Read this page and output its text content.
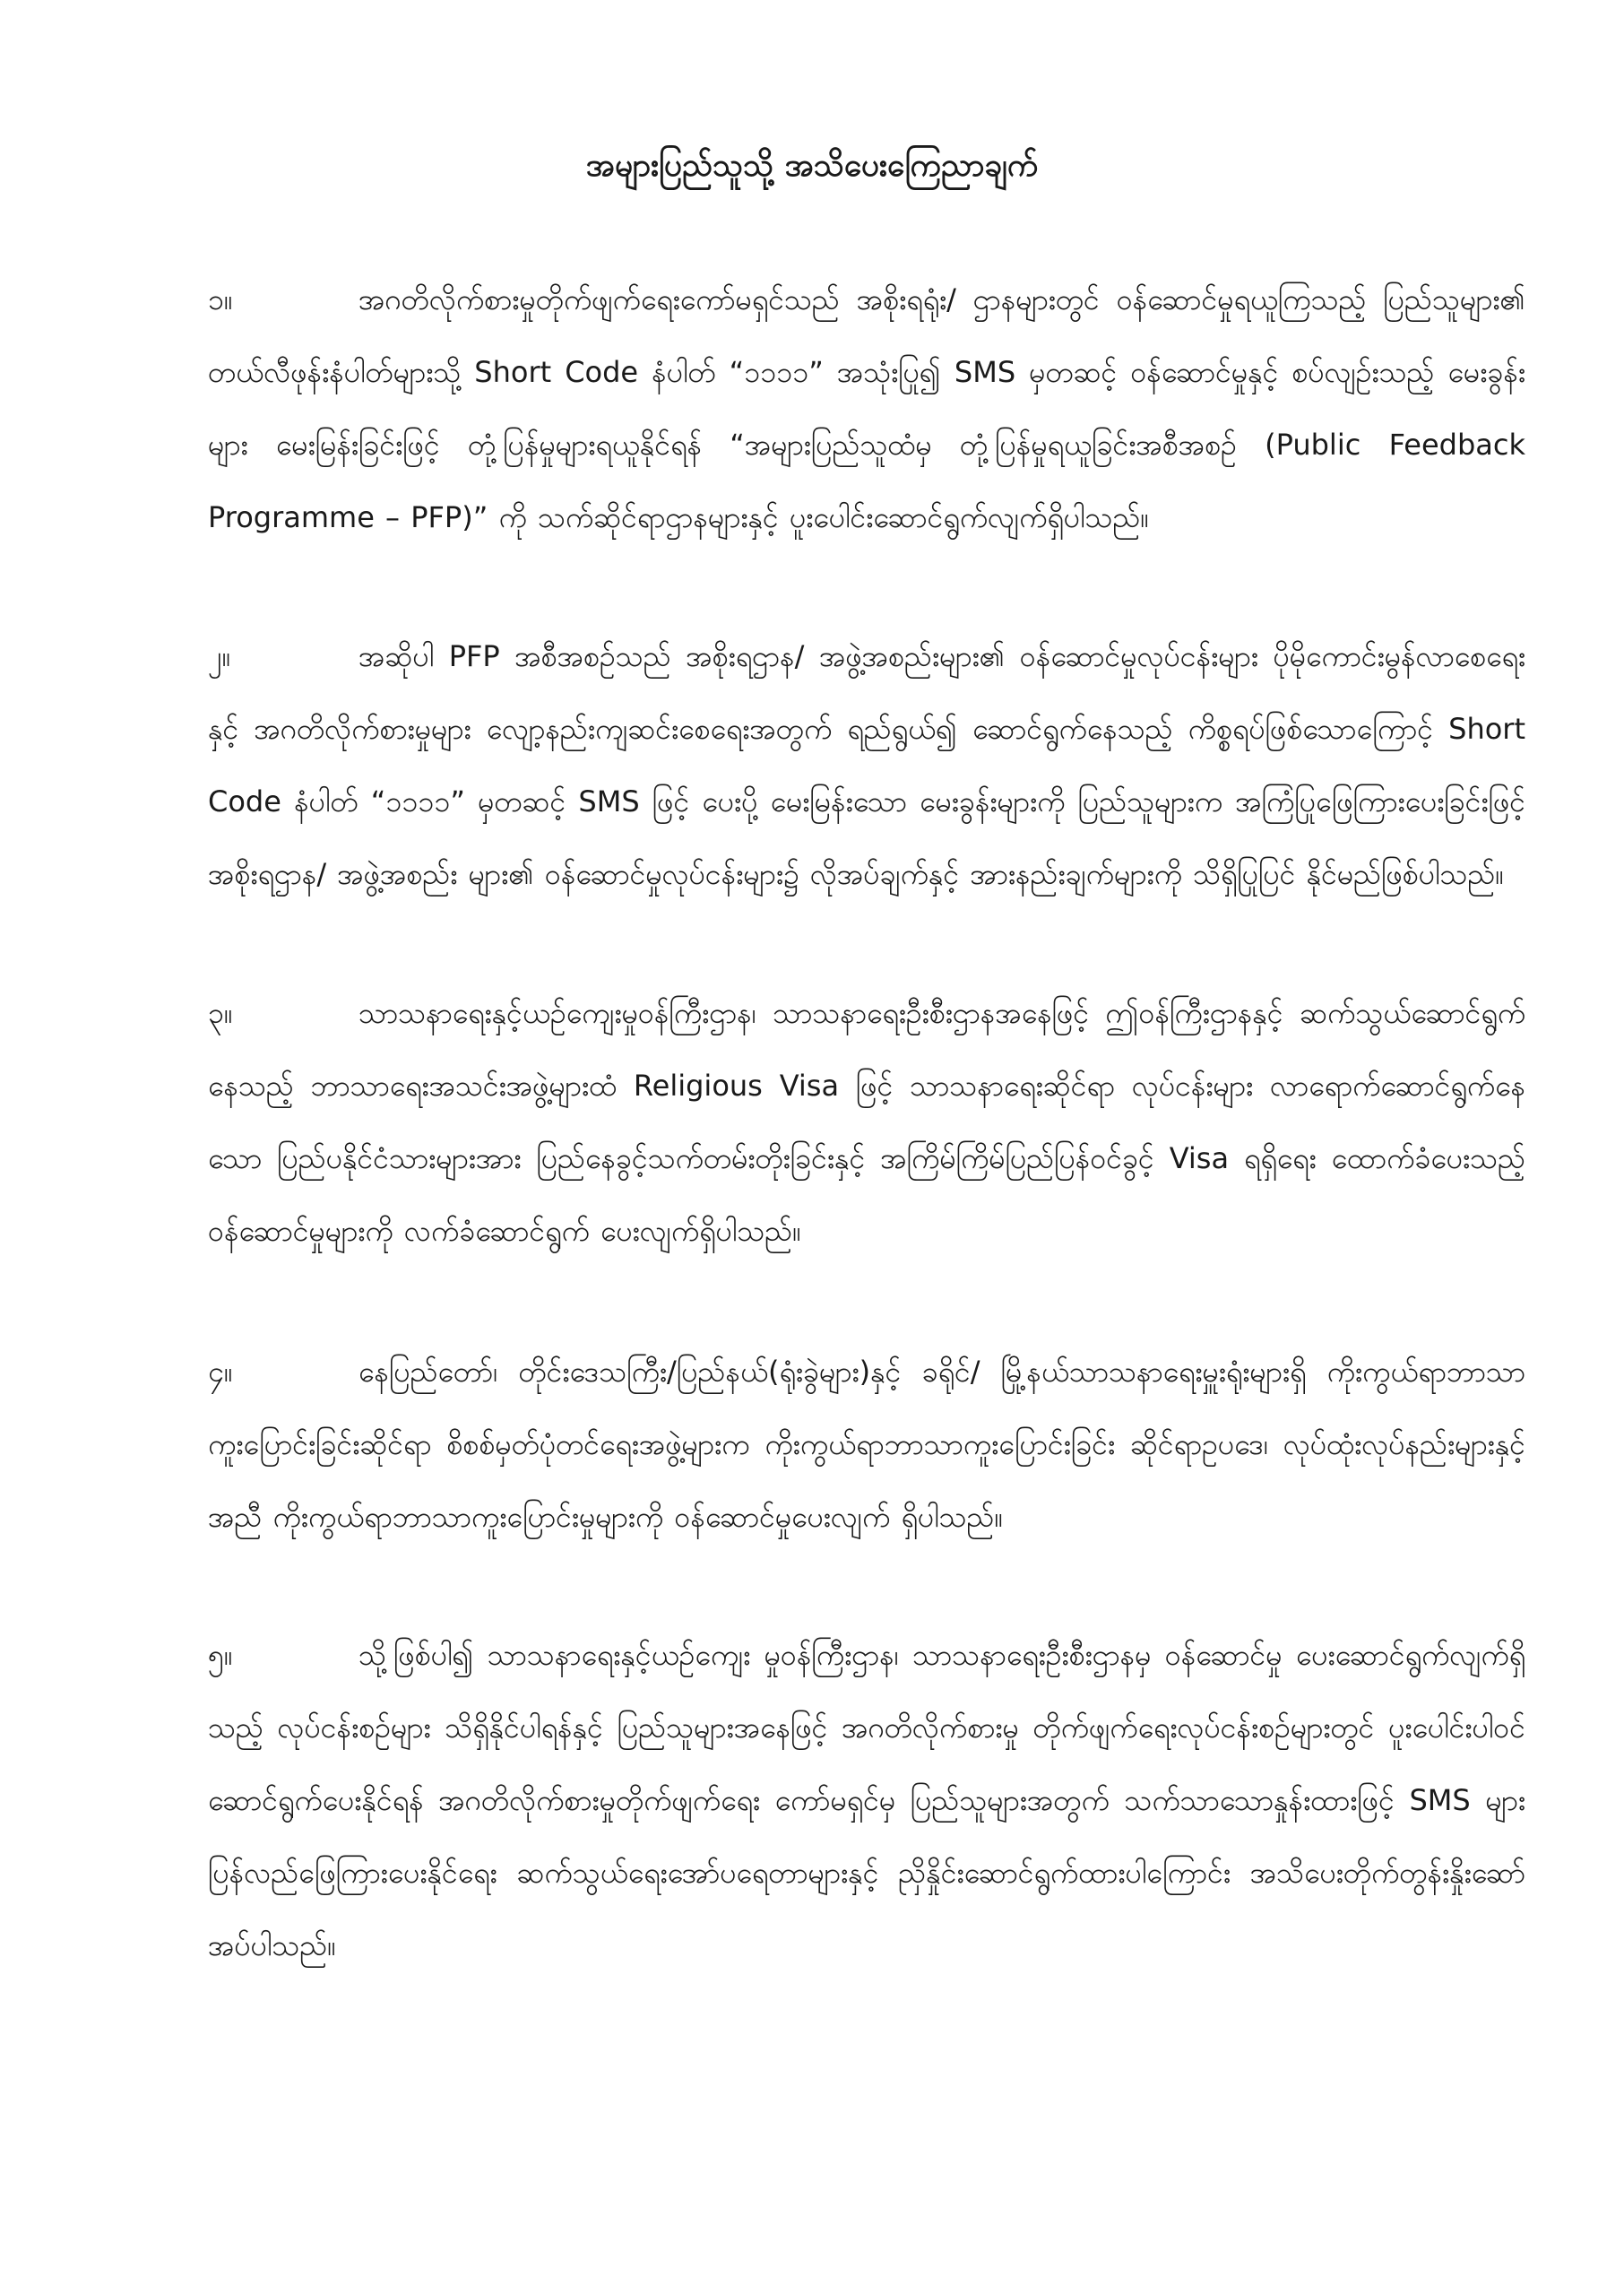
အများပြည်သူသို့ အသိပေးကြေညာချက်

၁။	အဂတိလိုက်စားမှုတိုက်ဖျက်ရေးကော်မရှင်သည် အစိုးရရုံး/ ဌာနများတွင် ဝန်ဆောင်မှုရယူကြသည့် ပြည်သူများ၏ တယ်လီဖုန်းနံပါတ်များသို့ Short Code နံပါတ် “၁၁၁၁” အသုံးပြု၍ SMS မှတဆင့် ဝန်ဆောင်မှုနှင့် စပ်လျဉ်းသည့် မေးခွန်းများ မေးမြန်းခြင်းဖြင့် တုံ့ပြန်မှုများရယူနိုင်ရန် “အများပြည်သူထံမှ တုံ့ပြန်မှုရယူခြင်းအစီအစဉ် (Public Feedback Programme – PFP)” ကို သက်ဆိုင်ရာဌာနများနှင့် ပူးပေါင်းဆောင်ရွက်လျက်ရှိပါသည်။

၂။	အဆိုပါ PFP အစီအစဉ်သည် အစိုးရဌာန/ အဖွဲ့အစည်းများ၏ ဝန်ဆောင်မှုလုပ်ငန်းများ ပိုမိုကောင်းမွန်လာစေရေးနှင့် အဂတိလိုက်စားမှုများ လျော့နည်းကျဆင်းစေရေးအတွက် ရည်ရွယ်၍ ဆောင်ရွက်နေသည့် ကိစ္စရပ်ဖြစ်သောကြောင့် Short Code နံပါတ် “၁၁၁၁” မှတဆင့် SMS ဖြင့် ပေးပို့ မေးမြန်းသော မေးခွန်းများကို ပြည်သူများက အကြံပြုဖြေကြားပေးခြင်းဖြင့် အစိုးရဌာန/ အဖွဲ့အစည်း များ၏ ဝန်ဆောင်မှုလုပ်ငန်းများ၌ လိုအပ်ချက်နှင့် အားနည်းချက်များကို သိရှိပြုပြင် နိုင်မည်ဖြစ်ပါသည်။

၃။	သာသနာရေးနှင့်ယဉ်ကျေးမှုဝန်ကြီးဌာန၊ သာသနာရေးဦးစီးဌာနအနေဖြင့် ဤဝန်ကြီးဌာနနှင့် ဆက်သွယ်ဆောင်ရွက်နေသည့် ဘာသာရေးအသင်းအဖွဲ့များထံ Religious Visa ဖြင့် သာသနာရေးဆိုင်ရာ လုပ်ငန်းများ လာရောက်ဆောင်ရွက်နေသော ပြည်ပနိုင်ငံသားများအား ပြည်နေခွင့်သက်တမ်းတိုးခြင်းနှင့် အကြိမ်ကြိမ်ပြည်ပြန်ဝင်ခွင့် Visa ရရှိရေး ထောက်ခံပေးသည့် ဝန်ဆောင်မှုများကို လက်ခံဆောင်ရွက် ပေးလျက်ရှိပါသည်။

၄။	နေပြည်တော်၊ တိုင်းဒေသကြီး/ပြည်နယ်(ရုံးခွဲများ)နှင့် ခရိုင်/ မြို့နယ်သာသနာရေးမှူးရုံးများရှိ ကိုးကွယ်ရာဘာသာကူးပြောင်းခြင်းဆိုင်ရာ စိစစ်မှတ်ပုံတင်ရေးအဖွဲ့များက ကိုးကွယ်ရာဘာသာကူးပြောင်းခြင်း ဆိုင်ရာဥပဒေ၊ လုပ်ထုံးလုပ်နည်းများနှင့်အညီ ကိုးကွယ်ရာဘာသာကူးပြောင်းမှုများကို ဝန်ဆောင်မှုပေးလျက် ရှိပါသည်။

၅။	သို့ဖြစ်ပါ၍ သာသနာရေးနှင့်ယဉ်ကျေး မှုဝန်ကြီးဌာန၊ သာသနာရေးဦးစီးဌာနမှ ဝန်ဆောင်မှု ပေးဆောင်ရွက်လျက်ရှိသည့် လုပ်ငန်းစဉ်များ သိရှိနိုင်ပါရန်နှင့် ပြည်သူများအနေဖြင့် အဂတိလိုက်စားမှု တိုက်ဖျက်ရေးလုပ်ငန်းစဉ်များတွင် ပူးပေါင်းပါဝင်ဆောင်ရွက်ပေးနိုင်ရန် အဂတိလိုက်စားမှုတိုက်ဖျက်ရေး ကော်မရှင်မှ ပြည်သူများအတွက် သက်သာသောနှုန်းထားဖြင့် SMS များ ပြန်လည်ဖြေကြားပေးနိုင်ရေး ဆက်သွယ်ရေးအော်ပရေတာများနှင့် ညှိနှိုင်းဆောင်ရွက်ထားပါကြောင်း အသိပေးတိုက်တွန်းနှိုးဆော် အပ်ပါသည်။
